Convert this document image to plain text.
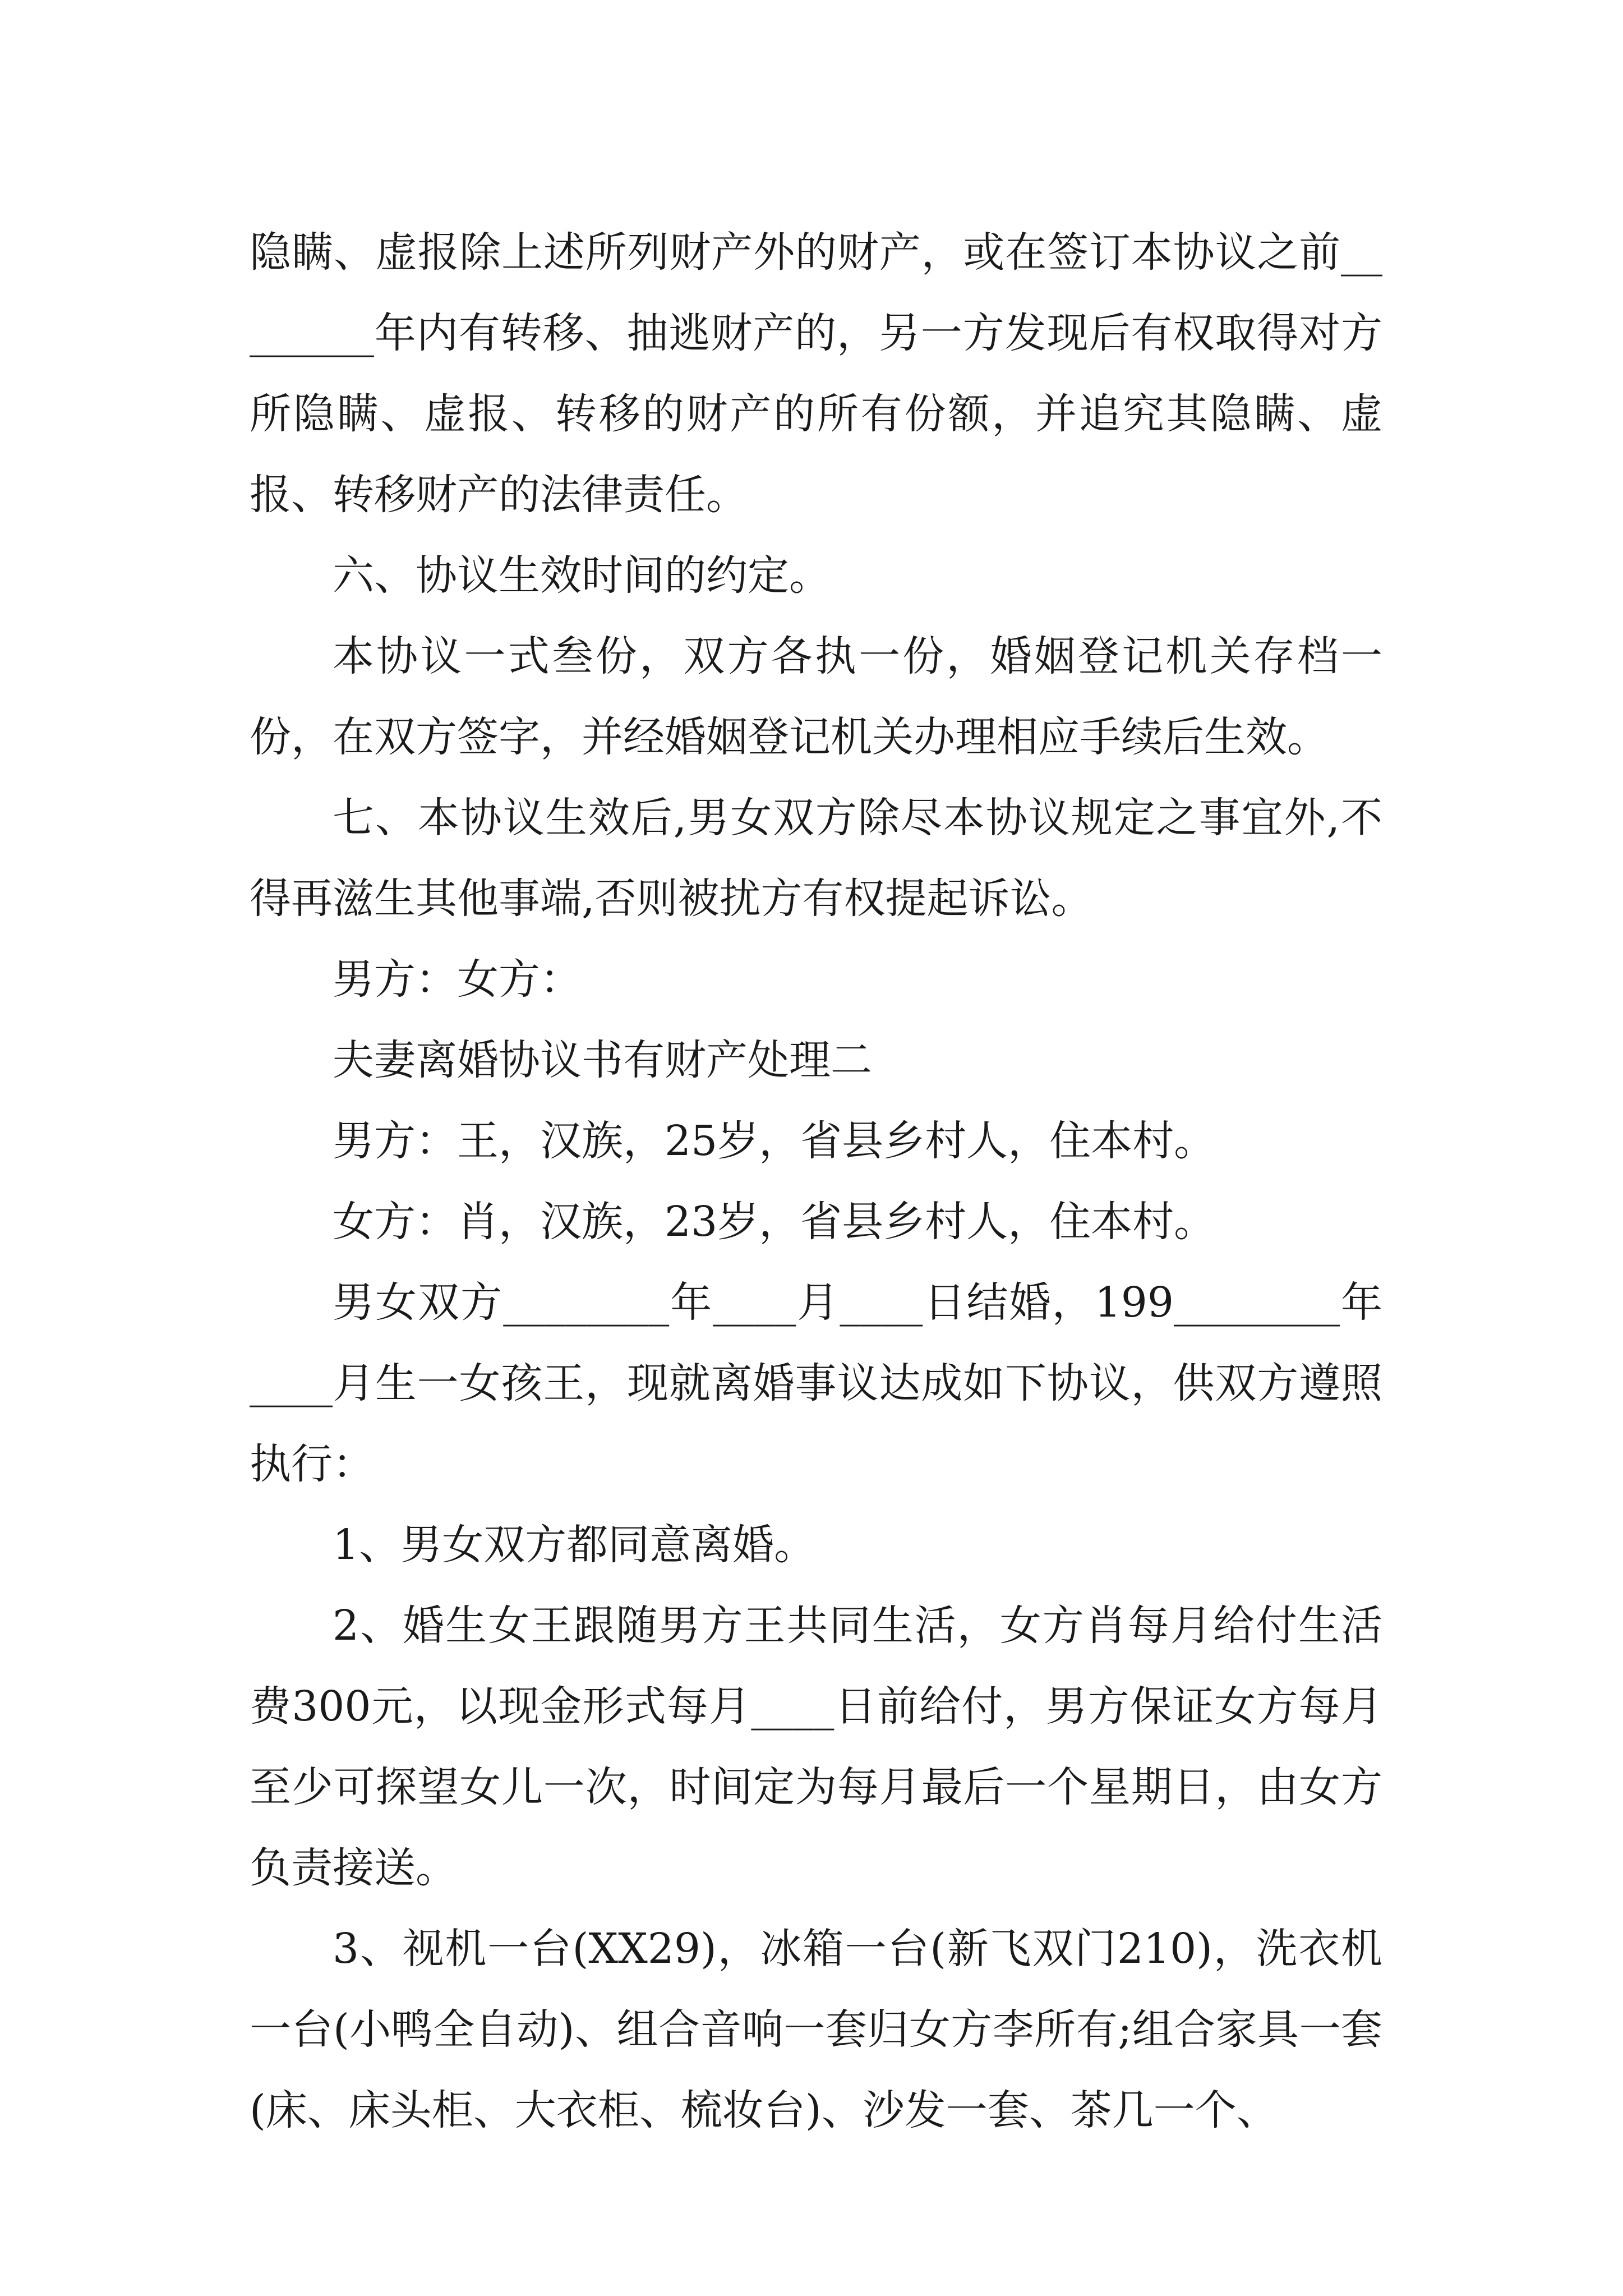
隐瞒、虚报除上述所列财产外的财产，或在签订本协议之前________年内有转移、抽逃财产的，另一方发现后有权取得对方所隐瞒、虚报、转移的财产的所有份额，并追究其隐瞒、虚报、转移财产的法律责任。

六、协议生效时间的约定。

本协议一式叁份，双方各执一份，婚姻登记机关存档一份，在双方签字，并经婚姻登记机关办理相应手续后生效。

七、本协议生效后,男女双方除尽本协议规定之事宜外,不得再滋生其他事端,否则被扰方有权提起诉讼。

男方：女方：

夫妻离婚协议书有财产处理二

男方：王，汉族，25岁，省县乡村人，住本村。

女方：肖，汉族，23岁，省县乡村人，住本村。

男女双方________年____月____日结婚，199________年____月生一女孩王，现就离婚事议达成如下协议，供双方遵照执行：

1、男女双方都同意离婚。

2、婚生女王跟随男方王共同生活，女方肖每月给付生活费300元，以现金形式每月____日前给付，男方保证女方每月至少可探望女儿一次，时间定为每月最后一个星期日，由女方负责接送。

3、视机一台(XX29)，冰箱一台(新飞双门210)，洗衣机一台(小鸭全自动)、组合音响一套归女方李所有;组合家具一套(床、床头柜、大衣柜、梳妆台)、沙发一套、茶几一个、
